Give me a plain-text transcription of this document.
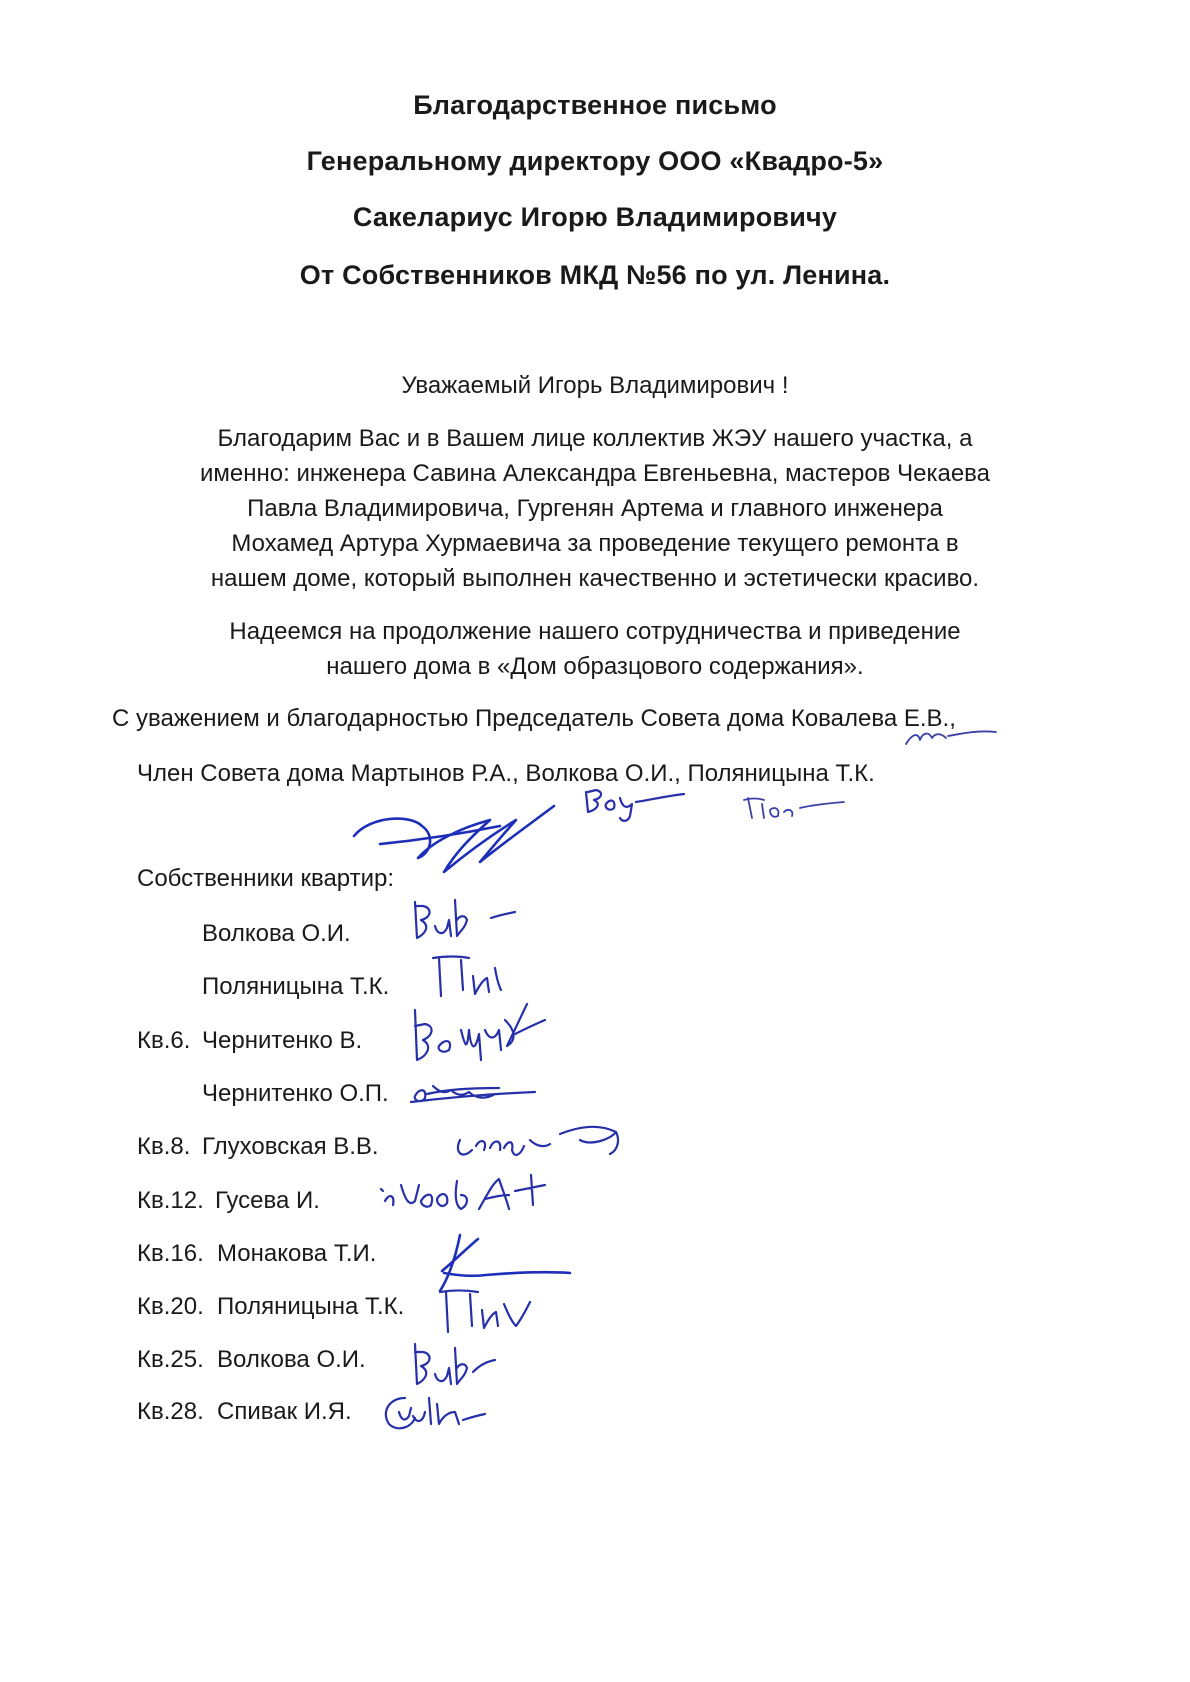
Благодарственное письмо
Генеральному директору ООО «Квадро-5»
Сакелариус Игорю Владимировичу
От Собственников МКД №56 по ул. Ленина.
Уважаемый Игорь Владимирович !
Благодарим Вас и в Вашем лице коллектив ЖЭУ нашего участка, а
именно: инженера Савина Александра Евгеньевна, мастеров Чекаева
Павла Владимировича, Гургенян Артема и главного инженера
Мохамед Артура Хурмаевича за проведение текущего ремонта в
нашем доме, который выполнен качественно и эстетически красиво.
Надеемся на продолжение нашего сотрудничества и приведение
нашего дома в «Дом образцового содержания».
С уважением и благодарностью Председатель Совета дома Ковалева Е.В.,
Член Совета дома Мартынов Р.А., Волкова О.И., Поляницына Т.К.
Собственники квартир:
Волкова О.И.
Поляницына Т.К.
Кв.6. Чернитенко В.
Чернитенко О.П.
Кв.8. Глуховская В.В.
Кв.12. Гусева И.
Кв.16. Монакова Т.И.
Кв.20. Поляницына Т.К.
Кв.25. Волкова О.И.
Кв.28. Спивак И.Я.
